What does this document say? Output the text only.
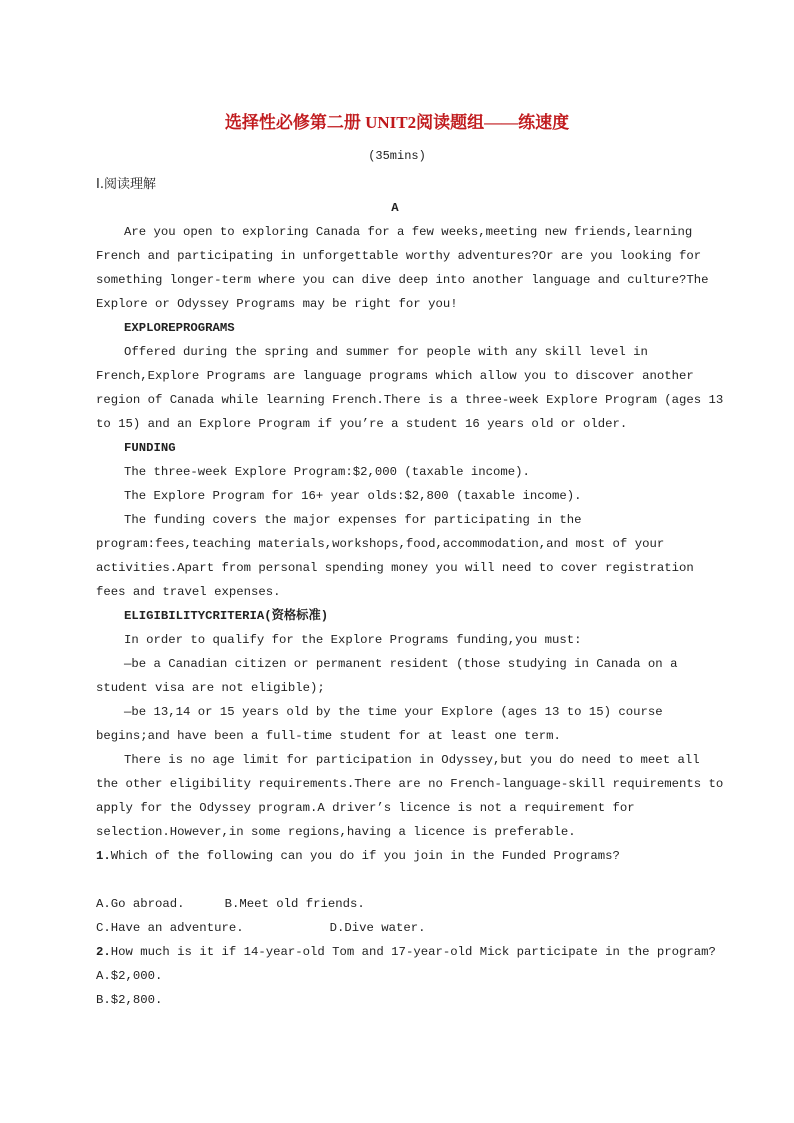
选择性必修第二册 UNIT2阅读题组——练速度
(35mins)
Ⅰ.阅读理解
A
Are you open to exploring Canada for a few weeks,meeting new friends,learning
French and participating in unforgettable worthy adventures?Or are you looking for
something longer-term where you can dive deep into another language and culture?The
Explore or Odyssey Programs may be right for you!
EXPLOREPROGRAMS
Offered during the spring and summer for people with any skill level in
French,Explore Programs are language programs which allow you to discover another
region of Canada while learning French.There is a three-week Explore Program (ages 13
to 15) and an Explore Program if you’re a student 16 years old or older.
FUNDING
The three-week Explore Program:$2,000 (taxable income).
The Explore Program for 16+ year olds:$2,800 (taxable income).
The funding covers the major expenses for participating in the
program:fees,teaching materials,workshops,food,accommodation,and most of your
activities.Apart from personal spending money you will need to cover registration
fees and travel expenses.
ELIGIBILITYCRITERIA(资格标准)
In order to qualify for the Explore Programs funding,you must:
—be a Canadian citizen or permanent resident (those studying in Canada on a
student visa are not eligible);
—be 13,14 or 15 years old by the time your Explore (ages 13 to 15) course
begins;and have been a full-time student for at least one term.
There is no age limit for participation in Odyssey,but you do need to meet all
the other eligibility requirements.There are no French-language-skill requirements to
apply for the Odyssey program.A driver’s licence is not a requirement for
selection.However,in some regions,having a licence is preferable.
1.Which of the following can you do if you join in the Funded Programs?
A.Go abroad.	B.Meet old friends.
C.Have an adventure.	D.Dive water.
2.How much is it if 14-year-old Tom and 17-year-old Mick participate in the program?
A.$2,000.
B.$2,800.
